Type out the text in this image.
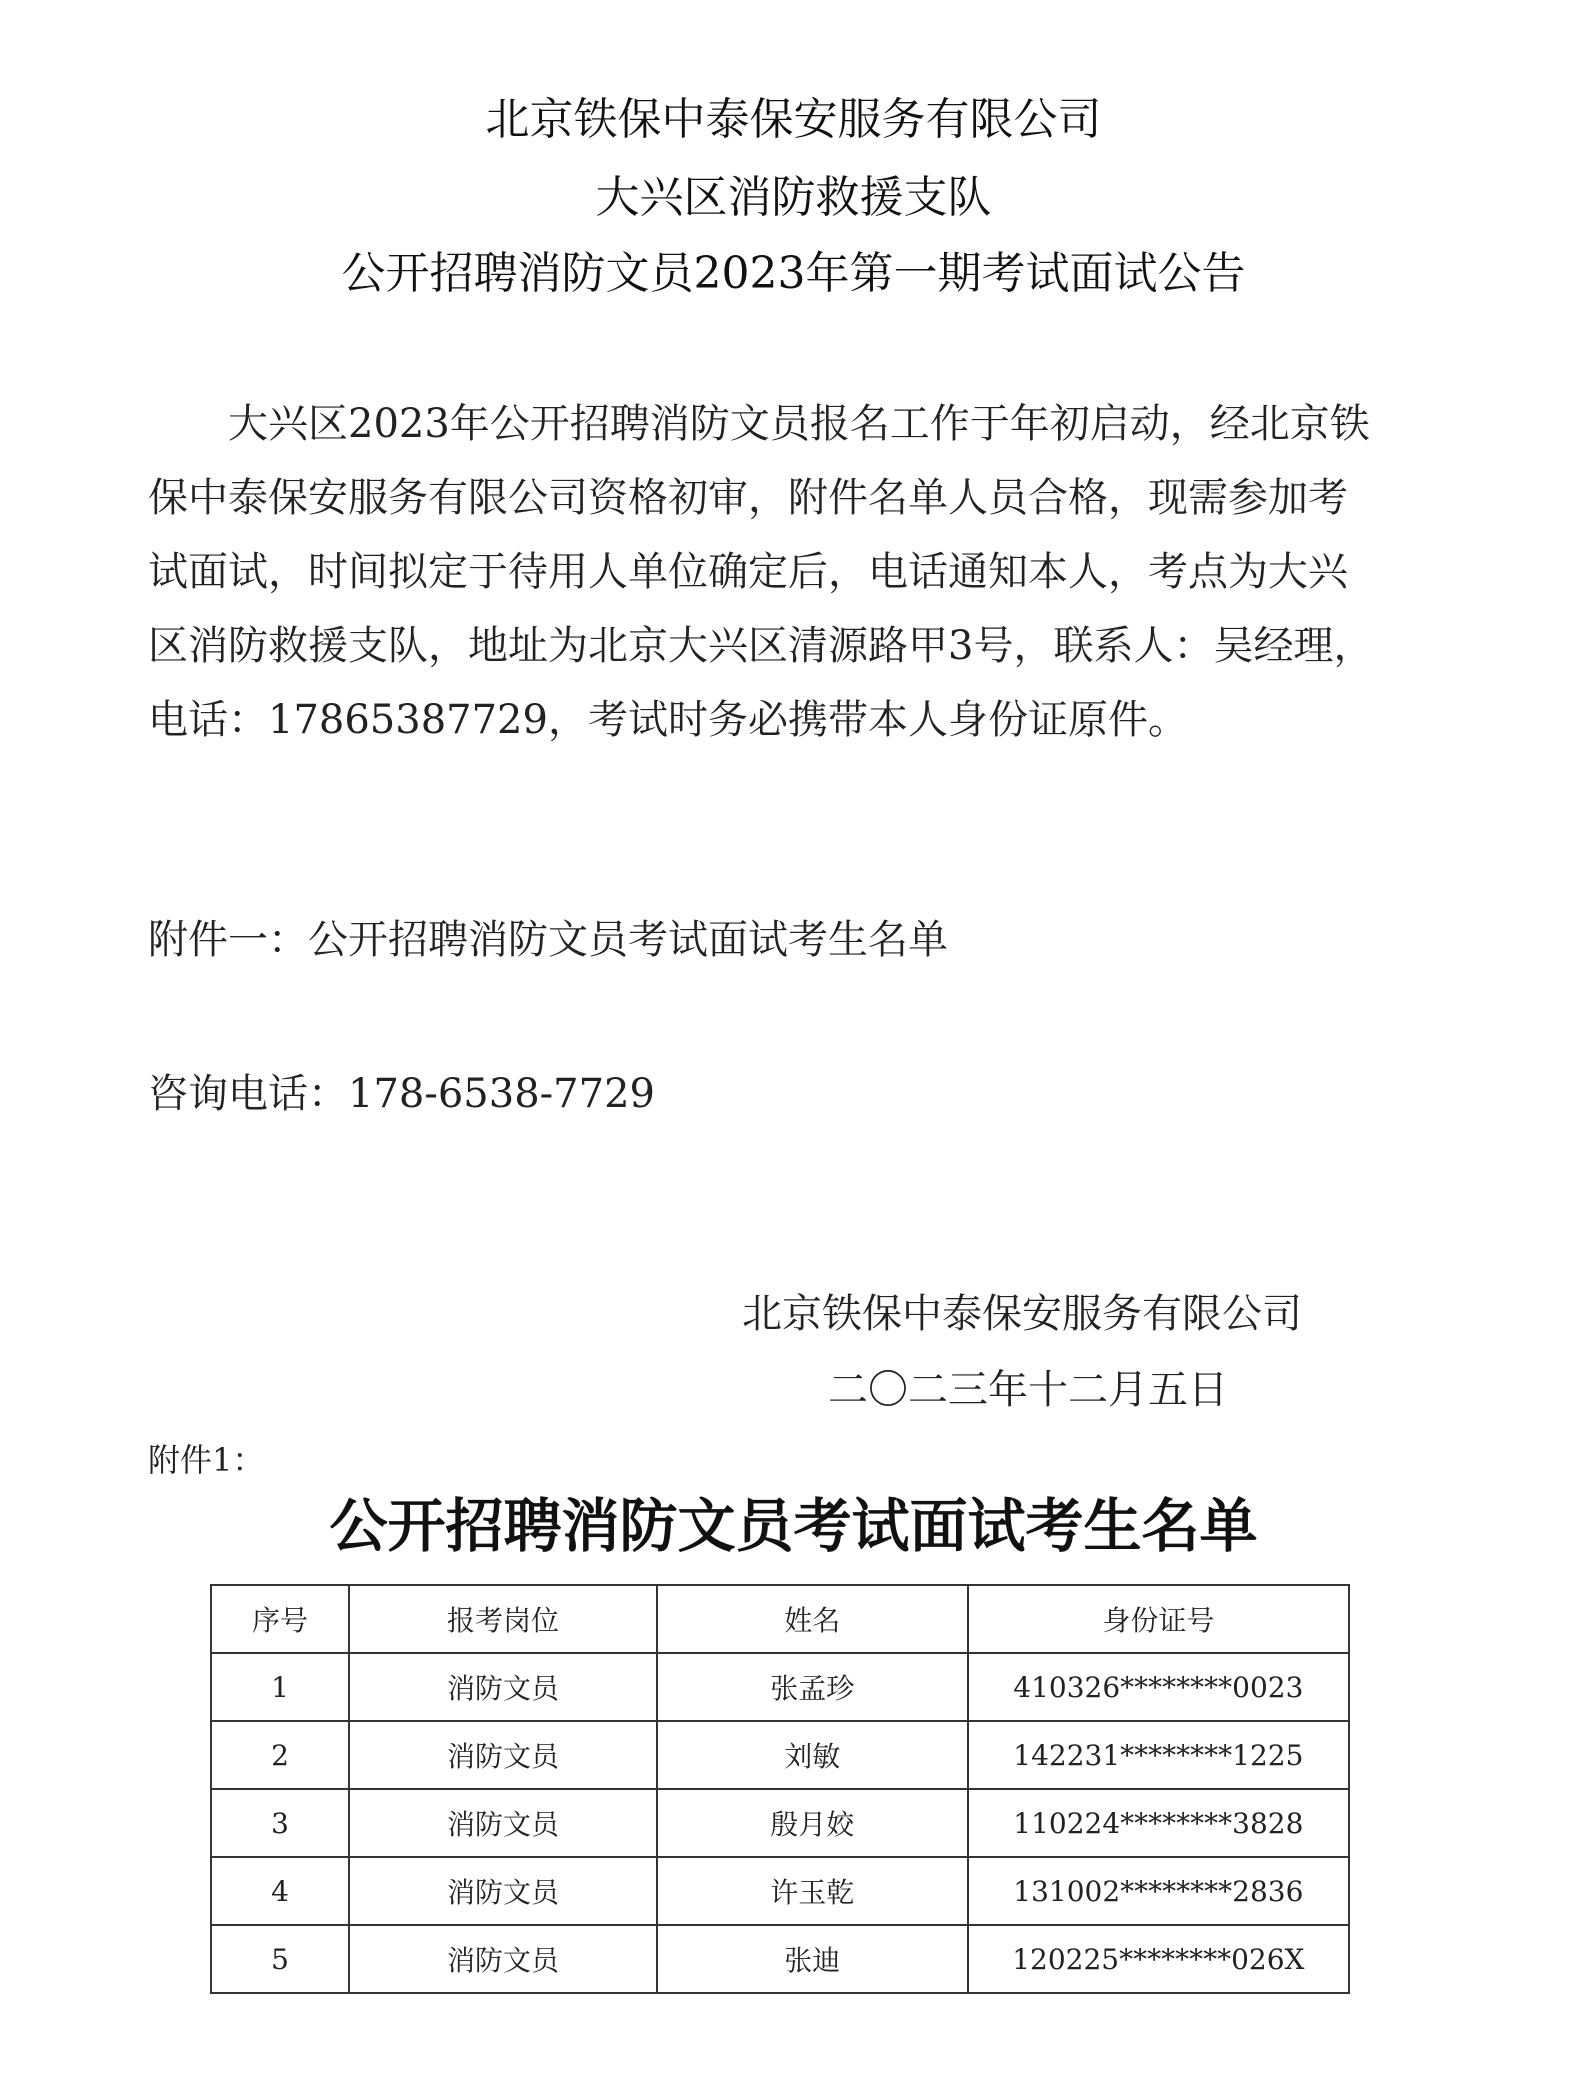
北京铁保中泰保安服务有限公司
大兴区消防救援支队
公开招聘消防文员2023年第一期考试面试公告
大兴区2023年公开招聘消防文员报名工作于年初启动，经北京铁
保中泰保安服务有限公司资格初审，附件名单人员合格，现需参加考
试面试，时间拟定于待用人单位确定后，电话通知本人，考点为大兴
区消防救援支队，地址为北京大兴区清源路甲3号，联系人：吴经理，
电话：17865387729，考试时务必携带本人身份证原件。
附件一：公开招聘消防文员考试面试考生名单
咨询电话：178-6538-7729
北京铁保中泰保安服务有限公司
二〇二三年十二月五日
附件1：
公开招聘消防文员考试面试考生名单
序号	报考岗位	姓名	身份证号
1	消防文员	张孟珍	410326********0023
2	消防文员	刘敏	142231********1225
3	消防文员	殷月姣	110224********3828
4	消防文员	许玉乾	131002********2836
5	消防文员	张迪	120225********026X
